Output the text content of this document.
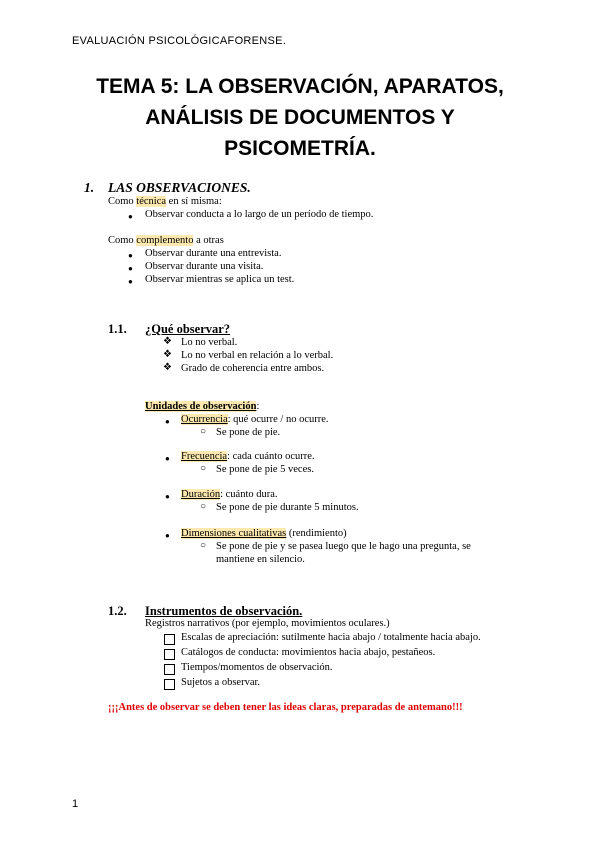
EVALUACIÓN PSICOLÓGICAFORENSE.
TEMA 5: LA OBSERVACIÓN, APARATOS,
ANÁLISIS DE DOCUMENTOS Y
PSICOMETRÍA.
1. LAS OBSERVACIONES.
Como técnica en sí misma:
● Observar conducta a lo largo de un período de tiempo.
Como complemento a otras
● Observar durante una entrevista.
● Observar durante una visita.
● Observar mientras se aplica un test.
1.1. ¿Qué observar?
❖ Lo no verbal.
❖ Lo no verbal en relación a lo verbal.
❖ Grado de coherencia entre ambos.
Unidades de observación:
● Ocurrencia: qué ocurre / no ocurre.
○ Se pone de pie.
● Frecuencia: cada cuánto ocurre.
○ Se pone de pie 5 veces.
● Duración: cuánto dura.
○ Se pone de pie durante 5 minutos.
● Dimensiones cualitativas (rendimiento)
○ Se pone de pie y se pasea luego que le hago una pregunta, se
mantiene en silencio.
1.2. Instrumentos de observación.
Registros narrativos (por ejemplo, movimientos oculares.)
Escalas de apreciación: sutilmente hacia abajo / totalmente hacia abajo.
Catálogos de conducta: movimientos hacia abajo, pestañeos.
Tiempos/momentos de observación.
Sujetos a observar.
¡¡¡Antes de observar se deben tener las ideas claras, preparadas de antemano!!!
1
